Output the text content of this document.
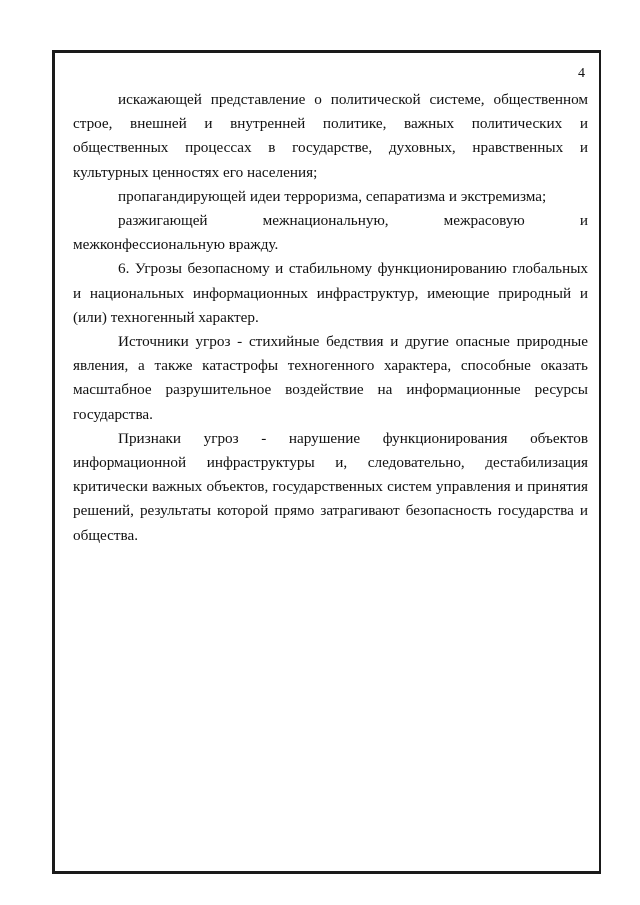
4

искажающей представление о политической системе, общественном строе, внешней и внутренней политике, важных политических и общественных процессах в государстве, духовных, нравственных и культурных ценностях его населения;

пропагандирующей идеи терроризма, сепаратизма и экстремизма;

разжигающей межнациональную, межрасовую и межконфессиональную вражду.

6. Угрозы безопасному и стабильному функционированию глобальных и национальных информационных инфраструктур, имеющие природный и (или) техногенный характер.

Источники угроз - стихийные бедствия и другие опасные природные явления, а также катастрофы техногенного характера, способные оказать масштабное разрушительное воздействие на информационные ресурсы государства.

Признаки угроз - нарушение функционирования объектов информационной инфраструктуры и, следовательно, дестабилизация критически важных объектов, государственных систем управления и принятия решений, результаты которой прямо затрагивают безопасность государства и общества.
